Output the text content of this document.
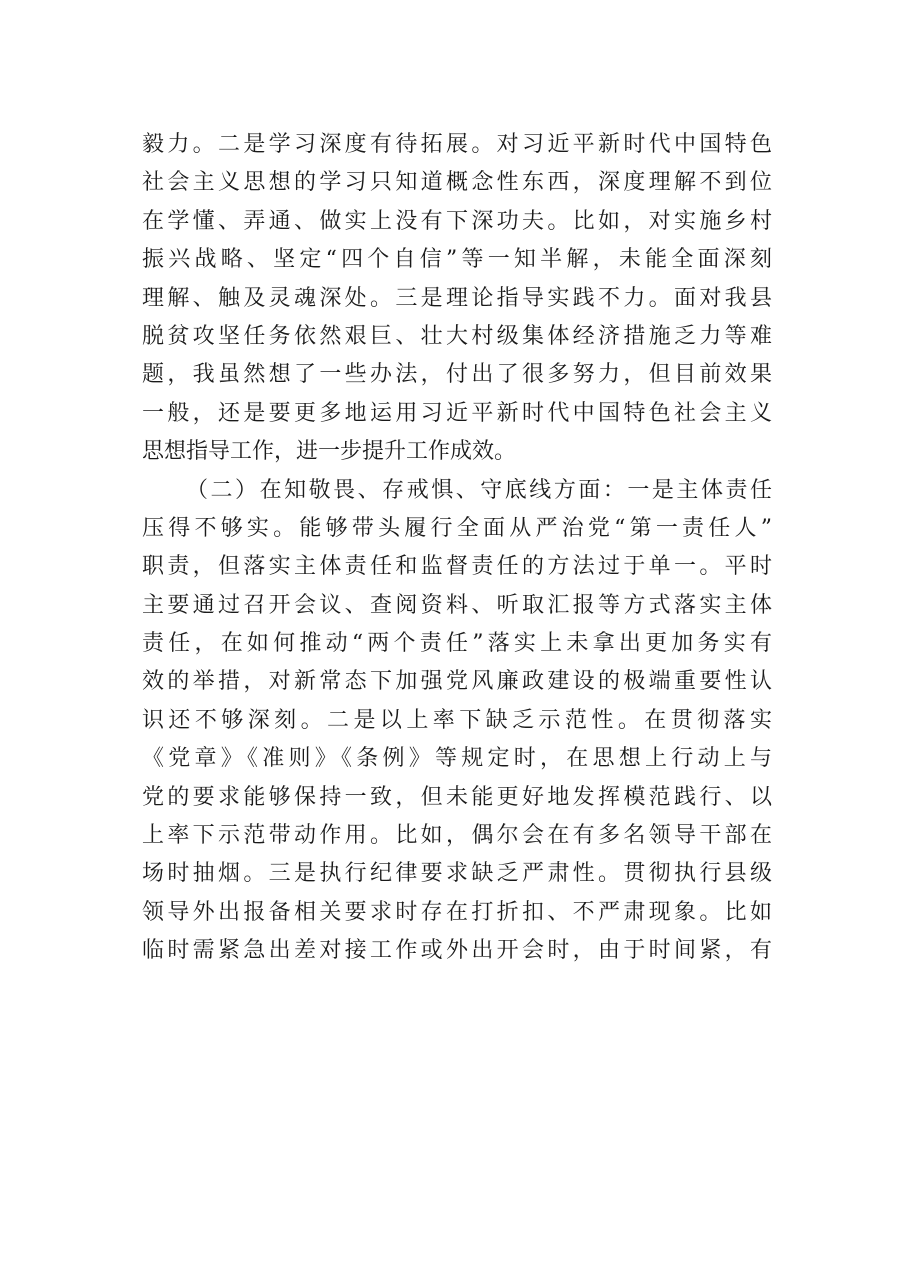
毅力。二是学习深度有待拓展。对习近平新时代中国特色
社会主义思想的学习只知道概念性东西，深度理解不到位
在学懂、弄通、做实上没有下深功夫。比如，对实施乡村
振兴战略、坚定“四个自信”等一知半解，未能全面深刻
理解、触及灵魂深处。三是理论指导实践不力。面对我县
脱贫攻坚任务依然艰巨、壮大村级集体经济措施乏力等难
题，我虽然想了一些办法，付出了很多努力，但目前效果
一般，还是要更多地运用习近平新时代中国特色社会主义
思想指导工作，进一步提升工作成效。
（二）在知敬畏、存戒惧、守底线方面：一是主体责任
压得不够实。能够带头履行全面从严治党“第一责任人”
职责，但落实主体责任和监督责任的方法过于单一。平时
主要通过召开会议、查阅资料、听取汇报等方式落实主体
责任，在如何推动“两个责任”落实上未拿出更加务实有
效的举措，对新常态下加强党风廉政建设的极端重要性认
识还不够深刻。二是以上率下缺乏示范性。在贯彻落实
《党章》《准则》《条例》等规定时，在思想上行动上与
党的要求能够保持一致，但未能更好地发挥模范践行、以
上率下示范带动作用。比如，偶尔会在有多名领导干部在
场时抽烟。三是执行纪律要求缺乏严肃性。贯彻执行县级
领导外出报备相关要求时存在打折扣、不严肃现象。比如
临时需紧急出差对接工作或外出开会时，由于时间紧，有
